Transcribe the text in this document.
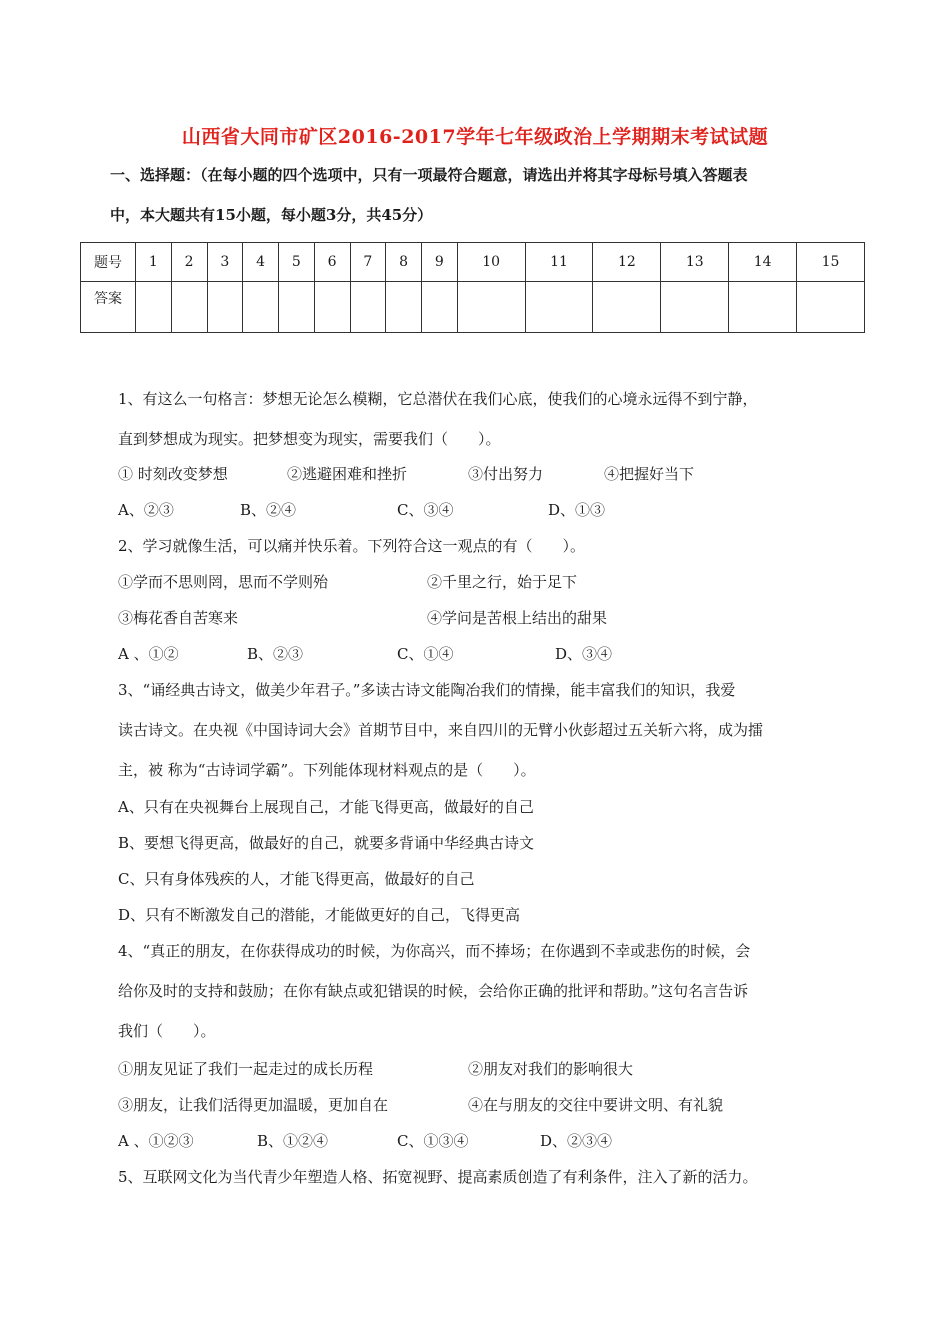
山西省大同市矿区2016-2017学年七年级政治上学期期末考试试题
一、选择题：（在每小题的四个选项中，只有一项最符合题意，请选出并将其字母标号填入答题表
中，本大题共有15小题，每小题3分，共45分）
题号	1	2	3	4	5	6	7	8	9	10	11	12	13	14	15
答案															
1、有这么一句格言：梦想无论怎么模糊，它总潜伏在我们心底，使我们的心境永远得不到宁静，
直到梦想成为现实。把梦想变为现实，需要我们（　　）。
① 时刻改变梦想	②逃避困难和挫折	③付出努力	④把握好当下
A、②③	B、②④	C、③④	D、①③
2、学习就像生活，可以痛并快乐着。下列符合这一观点的有（　　）。
①学而不思则罔，思而不学则殆	②千里之行，始于足下
③梅花香自苦寒来	④学问是苦根上结出的甜果
A 、①②	B、②③	C、①④	D、③④
3、“诵经典古诗文，做美少年君子。”多读古诗文能陶冶我们的情操，能丰富我们的知识，我爱
读古诗文。在央视《中国诗词大会》首期节目中，来自四川的无臂小伙彭超过五关斩六将，成为擂
主，被 称为“古诗词学霸”。下列能体现材料观点的是（　　）。
A、只有在央视舞台上展现自己，才能飞得更高，做最好的自己
B、要想飞得更高，做最好的自己，就要多背诵中华经典古诗文
C、只有身体残疾的人，才能飞得更高，做最好的自己
D、只有不断激发自己的潜能，才能做更好的自己，飞得更高
4、“真正的朋友，在你获得成功的时候，为你高兴，而不捧场；在你遇到不幸或悲伤的时候，会
给你及时的支持和鼓励；在你有缺点或犯错误的时候，会给你正确的批评和帮助。”这句名言告诉
我们（　　）。
①朋友见证了我们一起走过的成长历程	②朋友对我们的影响很大
③朋友，让我们活得更加温暖，更加自在	④在与朋友的交往中要讲文明、有礼貌
A 、①②③	B、①②④	C、①③④	D、②③④
5、互联网文化为当代青少年塑造人格、拓宽视野、提高素质创造了有利条件，注入了新的活力。
